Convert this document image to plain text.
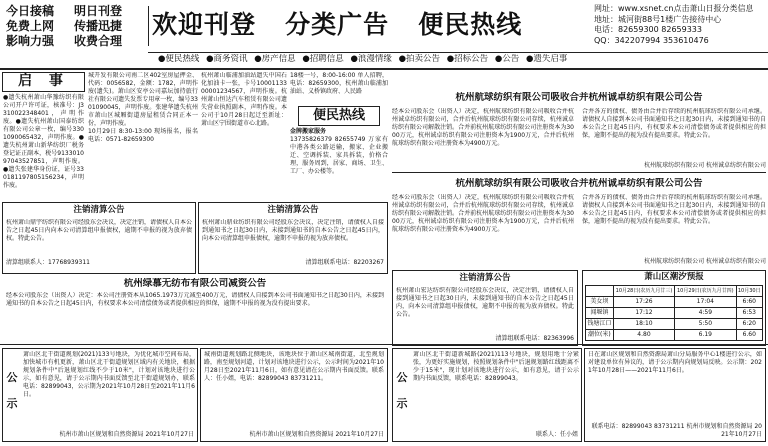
今日接稿 明日刊登
免费上网 传播迅捷
影响力强 收费合理
欢迎刊登   分类广告   便民热线
网址：www.xsnet.cn点击萧山日报分类信息
地址：城河街88号1楼广告接待中心
电话：82659300 82659333
QQ：342207994 353610476
●便民热线 ●商务资讯 ●房产信息 ●招聘信息 ●浪漫情缘 ●拍卖公告 ●招标公告 ●公告 ●遗失启事
启 事
●遗失杭州萧山华豫纺织有限公司开户许可证，核准号：J3310022348401，声明作废。●遗失杭州萧山国泰纺织有限公司公章一枚，编号3301090065432，声明作废。●遗失杭州萧山新华纺织厂税务登记证正副本，税号913301097043527851，声明作废。●遗失张建华身份证，证号330181197805156234，声明作废。
城开发有限公司南二区402室房屋押金、代码：0056582，金额：1782，声明作废(遗失)。萧山区安亭公司嘉坛加持旅行社有限公司遗失发票专用章一枚，编号3301090045，声明作废。张建华遗失杭州市萧山区城厢街道房屋租赁合同正本一份，声明作废。
10月29日 8:30-13:00 现场报名，报名电话：0571-82659300
杭州萧山临浦加油站遗失中国石化加油卡一张，卡号1000113300001234567，声明作废。杭州萧山恒达汽车租赁有限公司遗失营业执照副本，声明作废。本公司于10月28日起迁至新址：萧山区宁围街道市心北路。
18楼一号，8:00-16:00 单人招聘，电话：82659300，杭州萧山临浦加油站、义桥镇政府、人民路
便民热线
金牌搬家服务
13735826379 82655749 万家有中港各类公路运输，搬家、企业搬迁、空调拆装、家具拆装，价格合理，服务周到，居家、商场、卫生、工厂、办公楼等。
杭州航球纺织有限公司吸收合并杭州诚卓纺织有限公司公告
经本公司股东会（出资人）决定，杭州航球纺织有限公司吸收合并杭州诚卓纺织有限公司，合并后杭州航球纺织有限公司存续，杭州诚卓纺织有限公司解散注销。合并前杭州航球纺织有限公司注册资本为3000万元，杭州诚卓纺织有限公司注册资本为1900万元，合并后杭州航球纺织有限公司注册资本为4900万元。
合并各方的债权、债务由合并后存续的杭州航球纺织有限公司承继。请债权人自接到本公司书面通知书之日起30日内，未接到通知书的自本公告之日起45日内，有权要求本公司清偿债务或者提供相应的担保，逾期不提出的视为没有提出要求。特此公告。
杭州航球纺织有限公司 杭州诚卓纺织有限公司
杭州航球纺织有限公司吸收合并杭州诚卓纺织有限公司公告
经本公司股东会（出资人）决定，杭州航球纺织有限公司吸收合并杭州诚卓纺织有限公司，合并后杭州航球纺织有限公司存续，杭州诚卓纺织有限公司解散注销。合并前杭州航球纺织有限公司注册资本为3000万元，杭州诚卓纺织有限公司注册资本为1900万元，合并后杭州航球纺织有限公司注册资本为4900万元。
合并各方的债权、债务由合并后存续的杭州航球纺织有限公司承继。请债权人自接到本公司书面通知书之日起30日内，未接到通知书的自本公告之日起45日内，有权要求本公司清偿债务或者提供相应的担保，逾期不提出的视为没有提出要求。特此公告。
杭州航球纺织有限公司 杭州诚卓纺织有限公司
注销清算公告
杭州萧山鼎宇纺织有限公司经股东会决议，决定注销，请债权人自本公告之日起45日内向本公司清算组申报债权，逾期不申报的视为放弃债权。特此公告。
清算组联系人：17768939311
注销清算公告
杭州萧山鼎业纺织有限公司经股东会决议，决定注销，请债权人自接到通知书之日起30日内，未接到通知书的自本公告之日起45日内，向本公司清算组申报债权，逾期不申报的视为放弃债权。
清算组联系电话：82203267
注销清算公告
杭州萧山宏达纺织有限公司经股东会决议，决定注销，请债权人自接到通知书之日起30日内，未接到通知书的自本公告之日起45日内，向本公司清算组申报债权，逾期不申报的视为放弃债权。特此公告。
清算组联系电话：82363996
萧山区潮汐预报
	10月28日(农历九月廿三)	10月29日(农历九月廿四)	10月30日
美女坝	17:26	17:04	6:60
闻堰镇	17:12	4:59	6:53
钱塘江口	18:10	5:50	6:20
潮位(米)	4.80	6.19	6.60
杭州绿慕无纺布有限公司减资公告
经本公司股东会（出资人）决定：本公司注册资本从1065.1973万元减至400万元，请债权人自接到本公司书面通知书之日起30日内，未接到通知书的自本公告之日起45日内，有权要求本公司清偿债务或者提供相应的担保，逾期不申报的视为没有提出要求。
公
示
萧山区北干街道规划(2021)133号地块，为优化城市空间布局，加快城市有机更新，萧山区北干街道规划区域内有关地块，根据规划条件中"后退规划红线不少于10米"，计划对该地块进行公示，如有意见，请于公示期内书面反馈至北干街道规划办，联系电话：82899043，公示期为2021年10月28日至2021年11月6日。
杭州市萧山区规划和自然资源局 2021年10月27日
城南街道规划路北侧地块，该地块位于萧山区城南街道，北至规划路，南至规划河道，计划对该地块进行公示，公示时间为2021年10月28日至2021年11月6日，如有意见请在公示期内书面反馈。联系人：任小姐，电话：82899043 83731211。
杭州市萧山区规划和自然资源局 2021年10月27日
公
示
萧山区北干街道新城路(2021)113号地块，规划用地十分紧张，为更好实施规划，按照规划条件中"后退规划路红线距离不少于15米"，现计划对该地块进行公示，如有意见，请于公示期内书面反馈，联系电话：82899043。
联系人：任小姐
日在萧山区规划和自然资源局萧山分局服务中心1楼进行公示，如对建设单位有异议的，请于公示期内向规划局反映。公示期：2021年10月28日——2021年11月6日。
联系电话：82899043 83731211 杭州市规划和自然资源局 2021年10月27日
